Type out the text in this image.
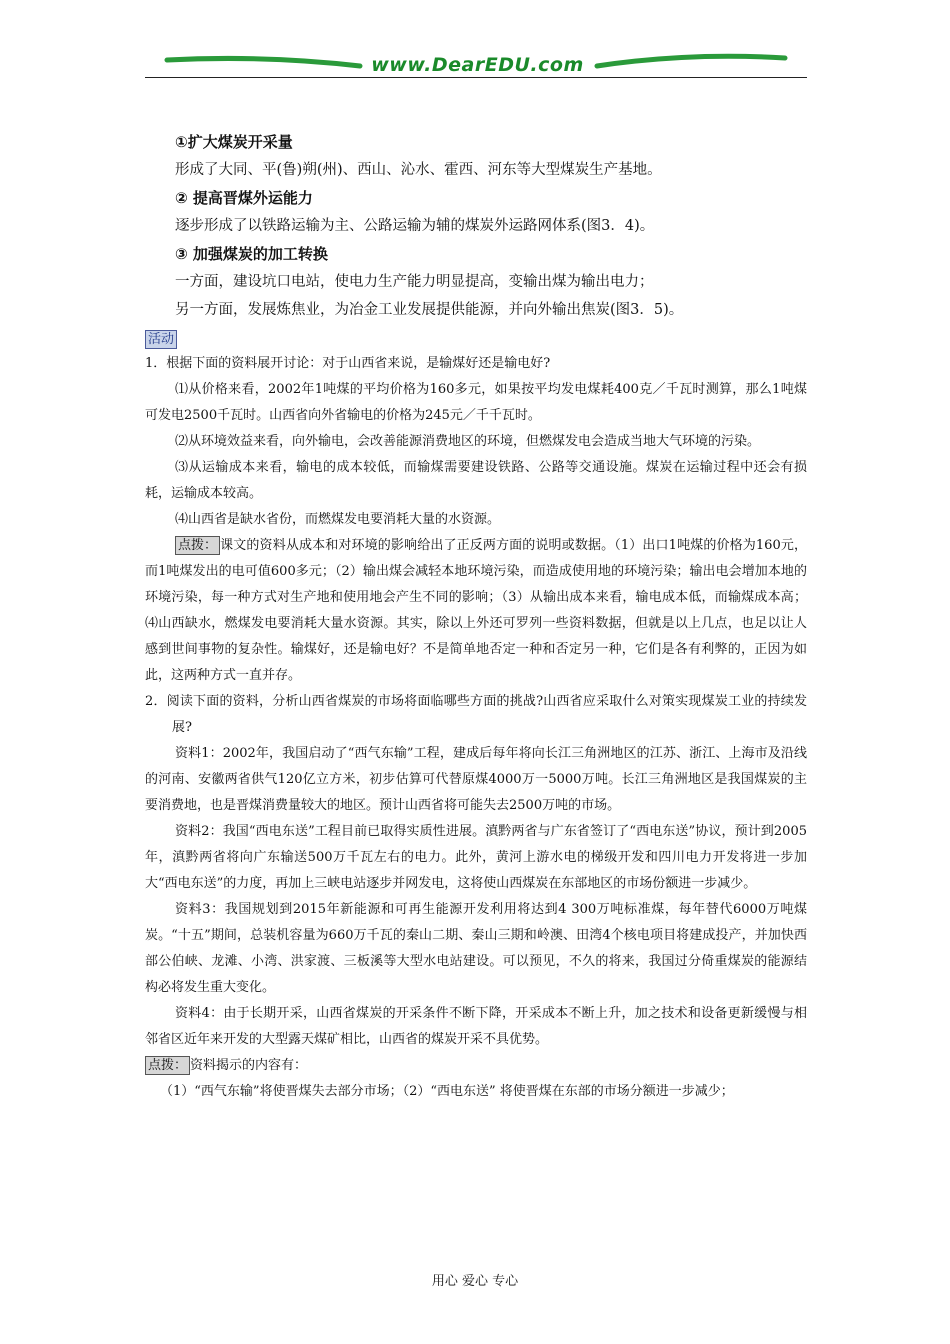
www.DearEDU.com
①扩大煤炭开采量
形成了大同、平(鲁)朔(州)、西山、沁水、霍西、河东等大型煤炭生产基地。
② 提高晋煤外运能力
逐步形成了以铁路运输为主、公路运输为辅的煤炭外运路网体系(图3．4)。
③ 加强煤炭的加工转换
一方面，建设坑口电站，使电力生产能力明显提高，变输出煤为输出电力；
另一方面，发展炼焦业，为冶金工业发展提供能源，并向外输出焦炭(图3．5)。
活动

1．根据下面的资料展开讨论：对于山西省来说，是输煤好还是输电好?

⑴从价格来看，2002年1吨煤的平均价格为160多元，如果按平均发电煤耗400克／千瓦时测算，那么1吨煤可发电2500千瓦时。山西省向外省输电的价格为245元／千千瓦时。

⑵从环境效益来看，向外输电，会改善能源消费地区的环境，但燃煤发电会造成当地大气环境的污染。

⑶从运输成本来看，输电的成本较低，而输煤需要建设铁路、公路等交通设施。煤炭在运输过程中还会有损耗，运输成本较高。

⑷山西省是缺水省份，而燃煤发电要消耗大量的水资源。

点拨： 课文的资料从成本和对环境的影响给出了正反两方面的说明或数据。（1）出口1吨煤的价格为160元，而1吨煤发出的电可值600多元；（2）输出煤会减轻本地环境污染，而造成使用地的环境污染；输出电会增加本地的环境污染，每一种方式对生产地和使用地会产生不同的影响；（3）从输出成本来看，输电成本低，而输煤成本高；⑷山西缺水，燃煤发电要消耗大量水资源。其实，除以上外还可罗列一些资料数据，但就是以上几点，也足以让人感到世间事物的复杂性。输煤好，还是输电好？不是简单地否定一种和否定另一种，它们是各有利弊的，正因为如此，这两种方式一直并存。

2．阅读下面的资料，分析山西省煤炭的市场将面临哪些方面的挑战?山西省应采取什么对策实现煤炭工业的持续发展?

资料1：2002年，我国启动了“西气东输”工程，建成后每年将向长江三角洲地区的江苏、浙江、上海市及沿线的河南、安徽两省供气120亿立方米，初步估算可代替原煤4000万一5000万吨。长江三角洲地区是我国煤炭的主要消费地，也是晋煤消费量较大的地区。预计山西省将可能失去2500万吨的市场。

资料2：我国“西电东送”工程目前已取得实质性进展。滇黔两省与广东省签订了“西电东送”协议，预计到2005年，滇黔两省将向广东输送500万千瓦左右的电力。此外，黄河上游水电的梯级开发和四川电力开发将进一步加大“西电东送”的力度，再加上三峡电站逐步并网发电，这将使山西煤炭在东部地区的市场份额进一步减少。

资料3：我国规划到2015年新能源和可再生能源开发利用将达到4 300万吨标准煤，每年替代6000万吨煤炭。“十五”期间，总装机容量为660万千瓦的秦山二期、秦山三期和岭澳、田湾4个核电项目将建成投产，并加快西部公伯峡、龙滩、小湾、洪家渡、三板溪等大型水电站建设。可以预见，不久的将来，我国过分倚重煤炭的能源结构必将发生重大变化。

资料4：由于长期开采，山西省煤炭的开采条件不断下降，开采成本不断上升，加之技术和设备更新缓慢与相邻省区近年来开发的大型露天煤矿相比，山西省的煤炭开采不具优势。

点拨： 资料揭示的内容有：

（1）“西气东输”将使晋煤失去部分市场；（2）“西电东送” 将使晋煤在东部的市场分额进一步减少；

用心 爱心 专心
